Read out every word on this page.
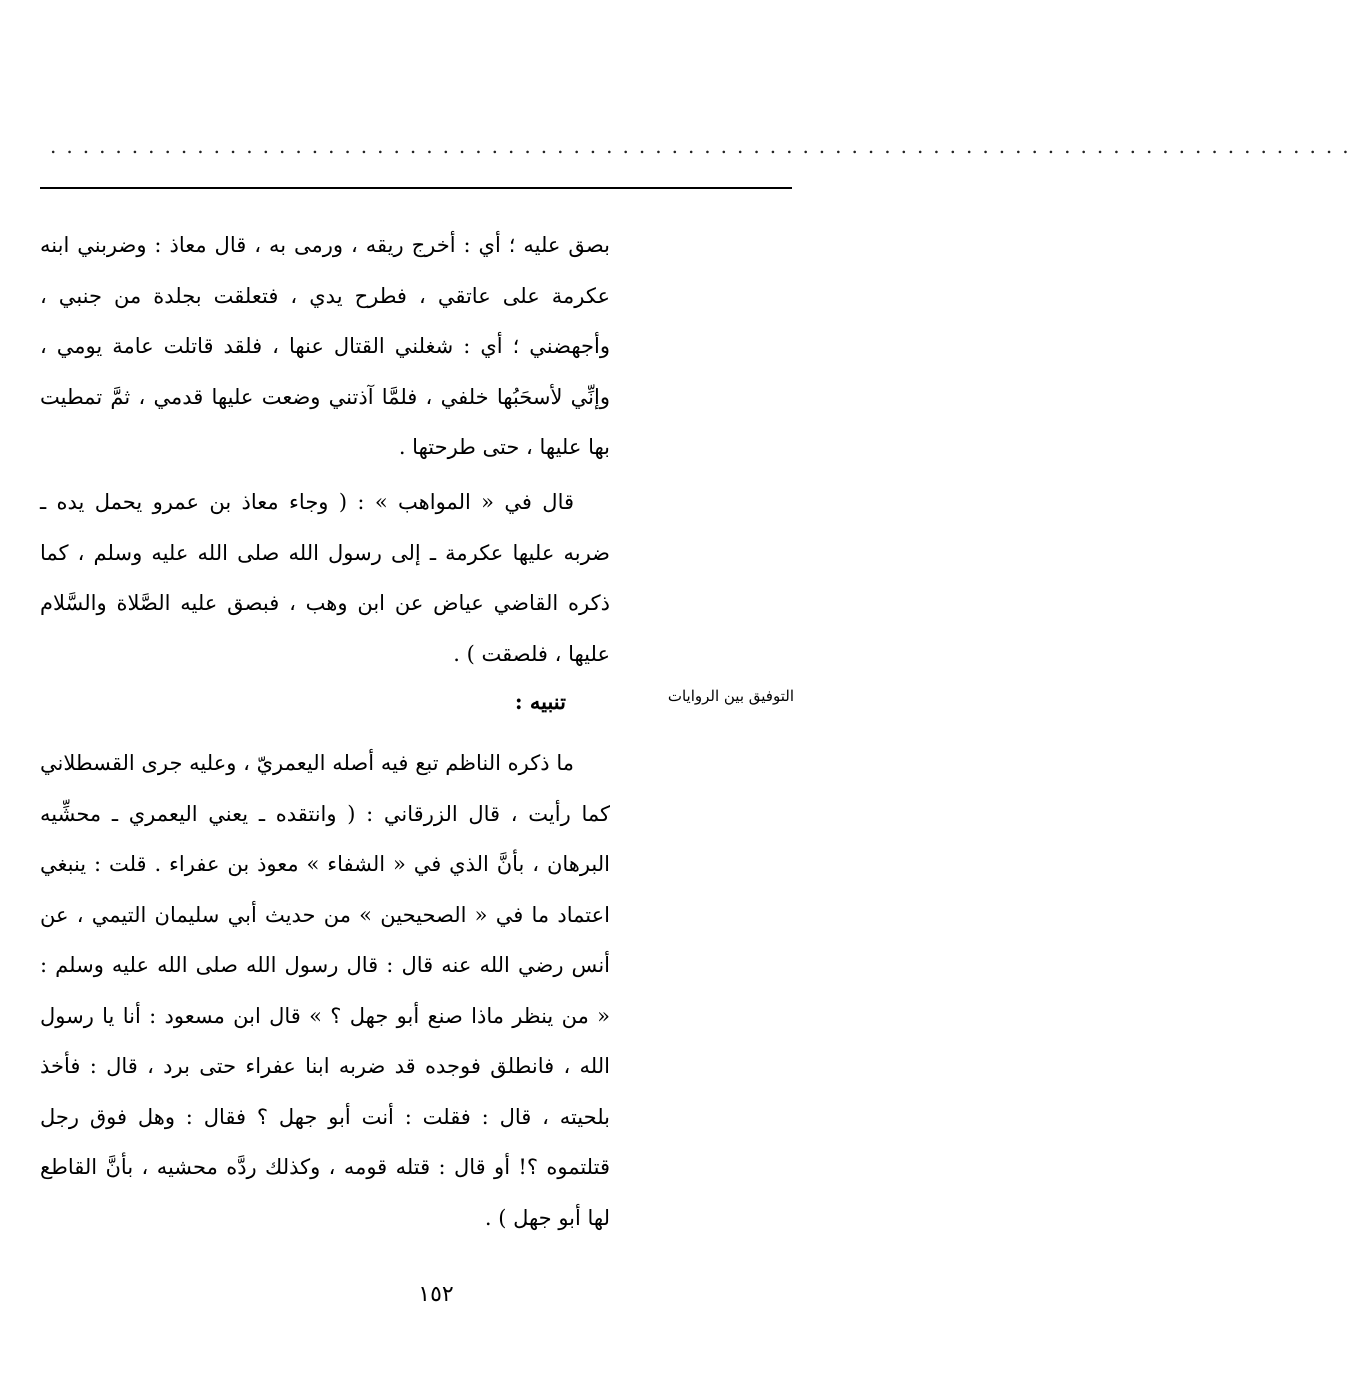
................................................................................

بصق عليه ؛ أي : أخرج ريقه ، ورمى به ، قال معاذ : وضربني ابنه عكرمة على عاتقي ، فطرح يدي ، فتعلقت بجلدة من جنبي ، وأجهضني ؛ أي : شغلني القتال عنها ، فلقد قاتلت عامة يومي ، وإنِّي لأسحَبُها خلفي ، فلمَّا آذتني وضعت عليها قدمي ، ثمَّ تمطيت بها عليها ، حتى طرحتها .

قال في « المواهب » : ( وجاء معاذ بن عمرو يحمل يده ـ ضربه عليها عكرمة ـ إلى رسول الله صلى الله عليه وسلم ، كما ذكره القاضي عياض عن ابن وهب ، فبصق عليه الصَّلاة والسَّلام عليها ، فلصقت ) .

التوفيق بين الروايات
تنبيه :

ما ذكره الناظم تبع فيه أصله اليعمريّ ، وعليه جرى القسطلاني كما رأيت ، قال الزرقاني : ( وانتقده ـ يعني اليعمري ـ محشِّيه البرهان ، بأنَّ الذي في « الشفاء » معوذ بن عفراء . قلت : ينبغي اعتماد ما في « الصحيحين » من حديث أبي سليمان التيمي ، عن أنس رضي الله عنه قال : قال رسول الله صلى الله عليه وسلم : « من ينظر ماذا صنع أبو جهل ؟ » قال ابن مسعود : أنا يا رسول الله ، فانطلق فوجده قد ضربه ابنا عفراء حتى برد ، قال : فأخذ بلحيته ، قال : فقلت : أنت أبو جهل ؟ فقال : وهل فوق رجل قتلتموه ؟! أو قال : قتله قومه ، وكذلك ردَّه محشيه ، بأنَّ القاطع لها أبو جهل ) .

١٥٢
